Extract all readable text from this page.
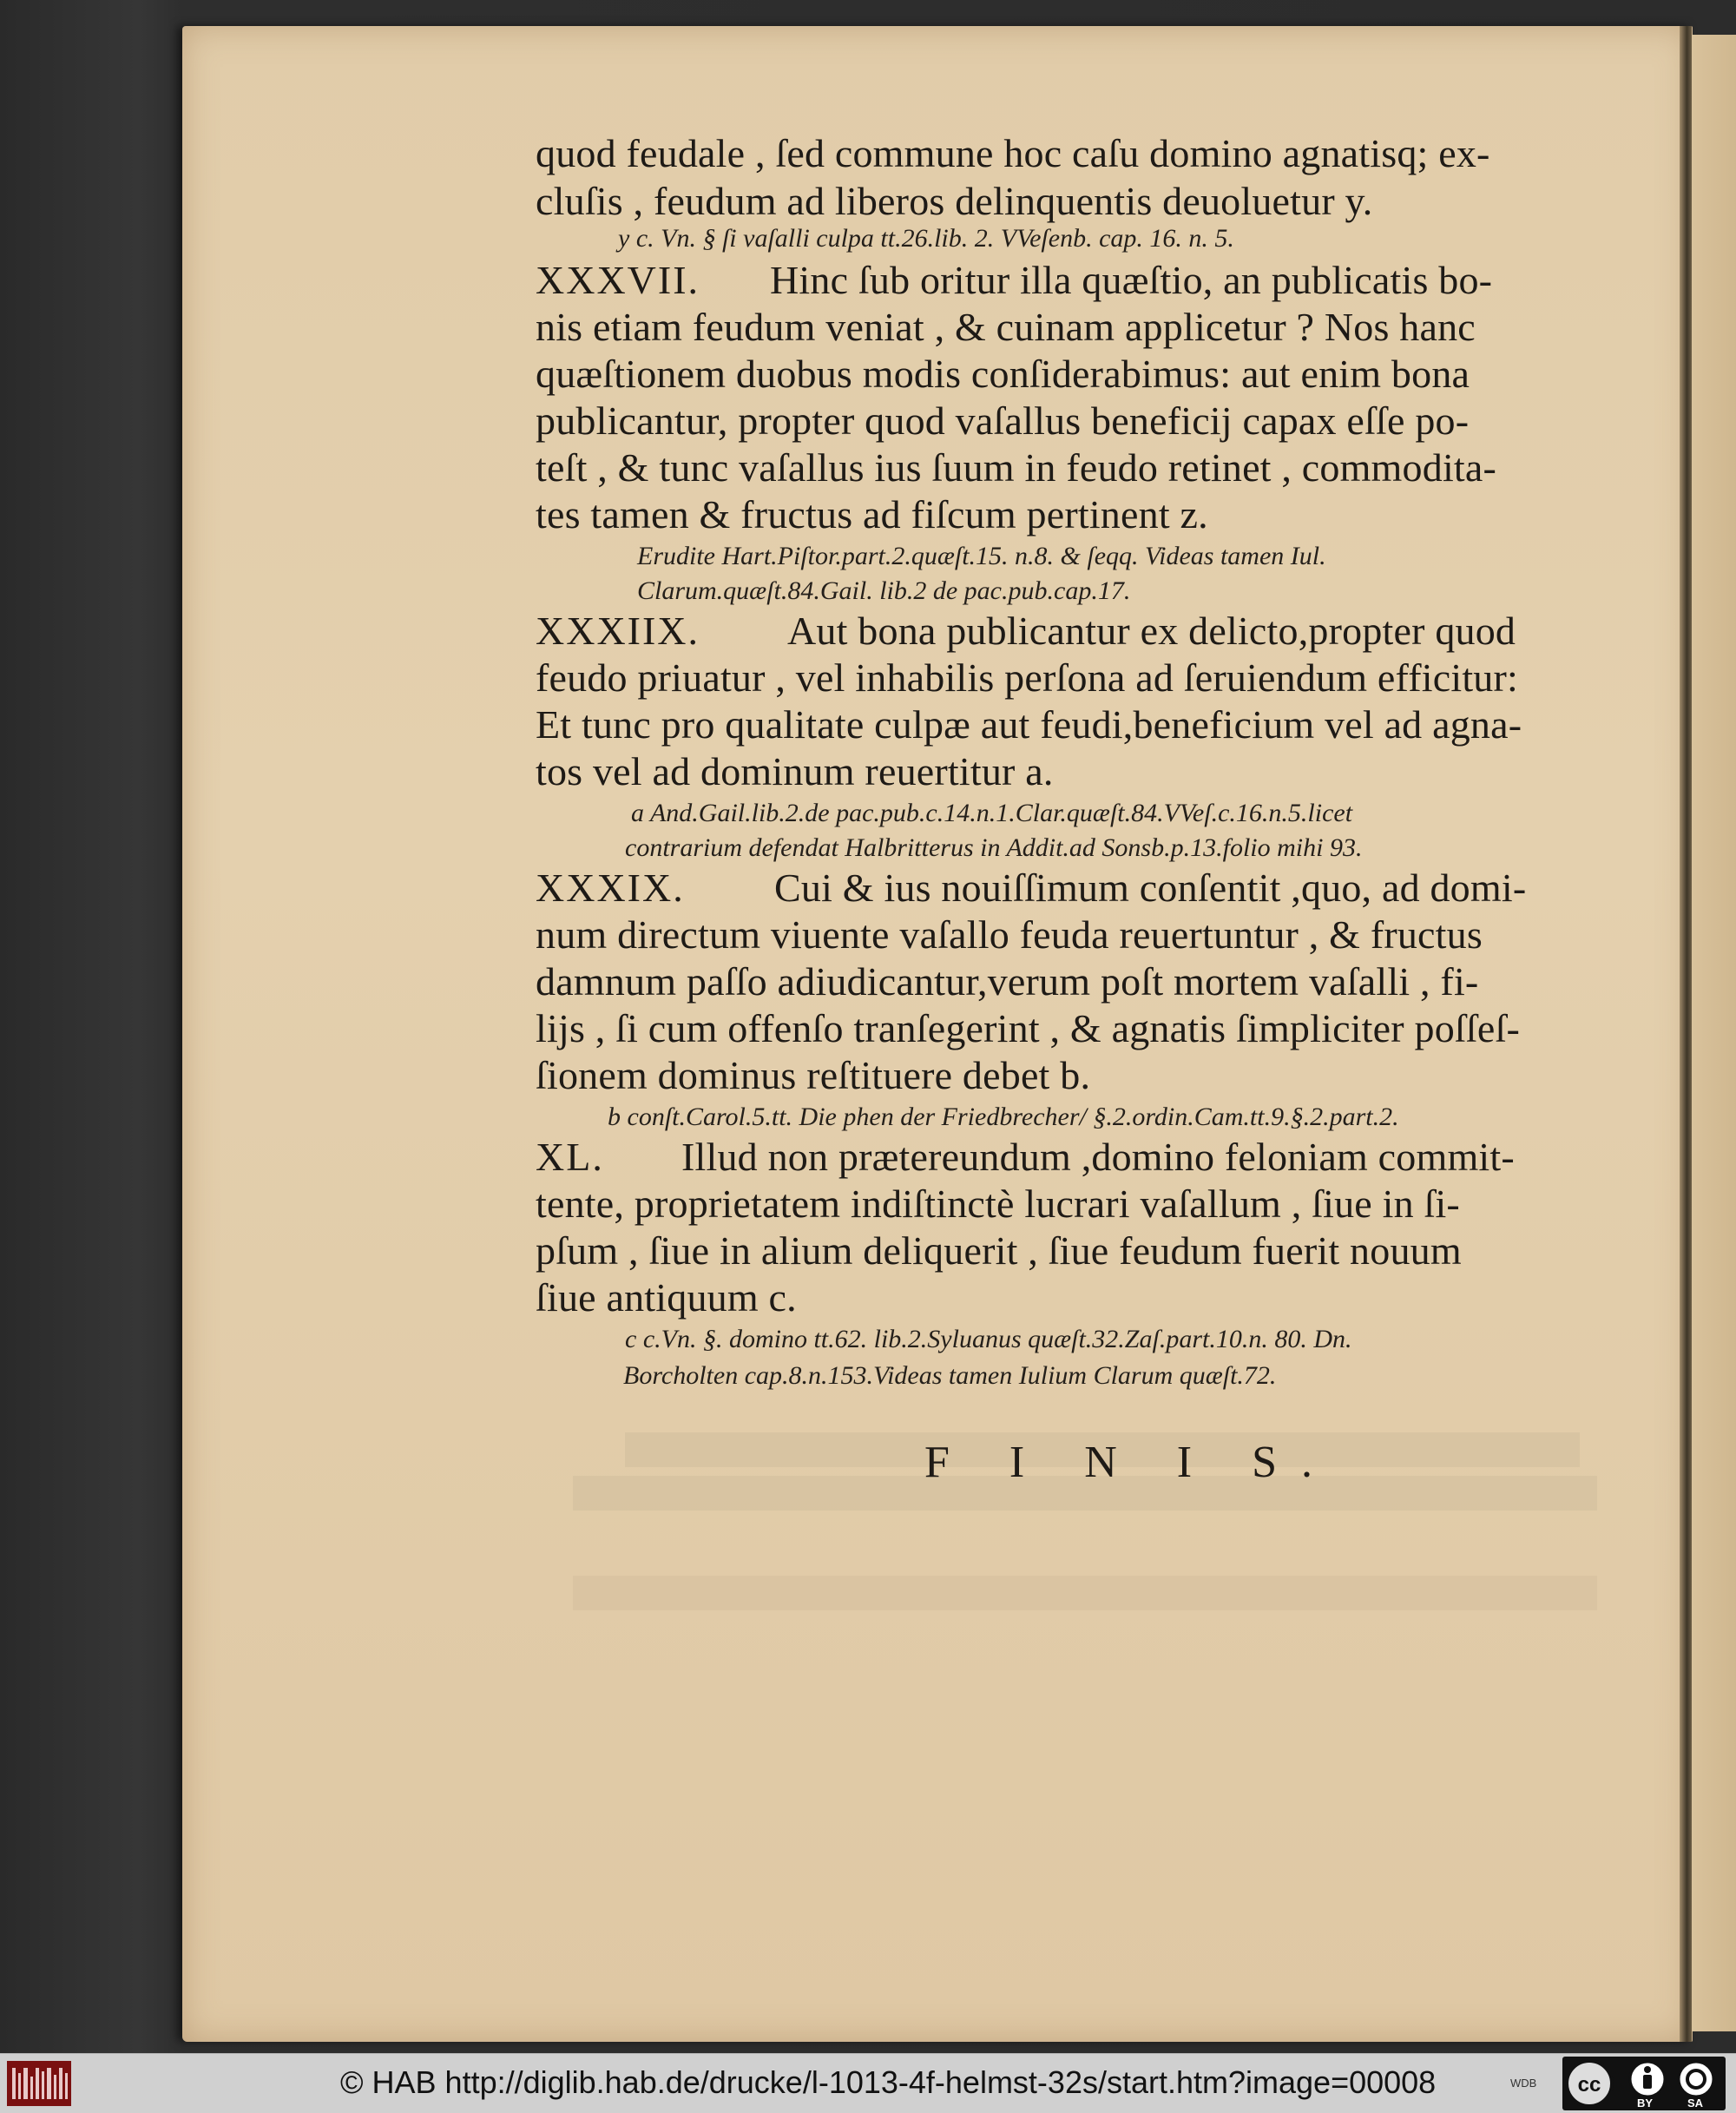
quod feudale , ſed commune hoc caſu domino agnatisq; ex-
cluſis , feudum ad liberos delinquentis deuoluetur y.
y c. Vn. § ſi vaſalli culpa tt.26.lib. 2. VVeſenb. cap. 16. n. 5.
XXXVII. Hinc ſub oritur illa quæſtio, an publicatis bo-
nis etiam feudum veniat , & cuinam applicetur ? Nos hanc
quæſtionem duobus modis conſiderabimus: aut enim bona
publicantur, propter quod vaſallus beneficij capax eſſe po-
teſt , & tunc vaſallus ius ſuum in feudo retinet , commodita-
tes tamen & fructus ad fiſcum pertinent z.
Erudite Hart.Piſtor.part.2.quæſt.15. n.8. & ſeqq. Videas tamen Iul.
Clarum.quæſt.84.Gail. lib.2 de pac.pub.cap.17.
XXXIIX. Aut bona publicantur ex delicto,propter quod
feudo priuatur , vel inhabilis perſona ad ſeruiendum efficitur:
Et tunc pro qualitate culpæ aut feudi,beneficium vel ad agna-
tos vel ad dominum reuertitur a.
a And.Gail.lib.2.de pac.pub.c.14.n.1.Clar.quæſt.84.VVeſ.c.16.n.5.licet
contrarium defendat Halbritterus in Addit.ad Sonsb.p.13.folio mihi 93.
XXXIX. Cui & ius nouiſſimum conſentit ,quo, ad domi-
num directum viuente vaſallo feuda reuertuntur , & fructus
damnum paſſo adiudicantur,verum poſt mortem vaſalli , fi-
lijs , ſi cum offenſo tranſegerint , & agnatis ſimpliciter poſſeſ-
ſionem dominus reſtituere debet b.
b conſt.Carol.5.tt. Die phen der Friedbrecher/ §.2.ordin.Cam.tt.9.§.2.part.2.
XL. Illud non prætereundum ,domino feloniam commit-
tente, proprietatem indiſtinctè lucrari vaſallum , ſiue in ſi-
pſum , ſiue in alium deliquerit , ſiue feudum fuerit nouum
ſiue antiquum c.
c c.Vn. §. domino tt.62. lib.2.Syluanus quæſt.32.Zaſ.part.10.n. 80. Dn.
Borcholten cap.8.n.153.Videas tamen Iulium Clarum quæſt.72.
F I N I S.
© HAB http://diglib.hab.de/drucke/l-1013-4f-helmst-32s/start.htm?image=00008	WDB cc
BY	SA
